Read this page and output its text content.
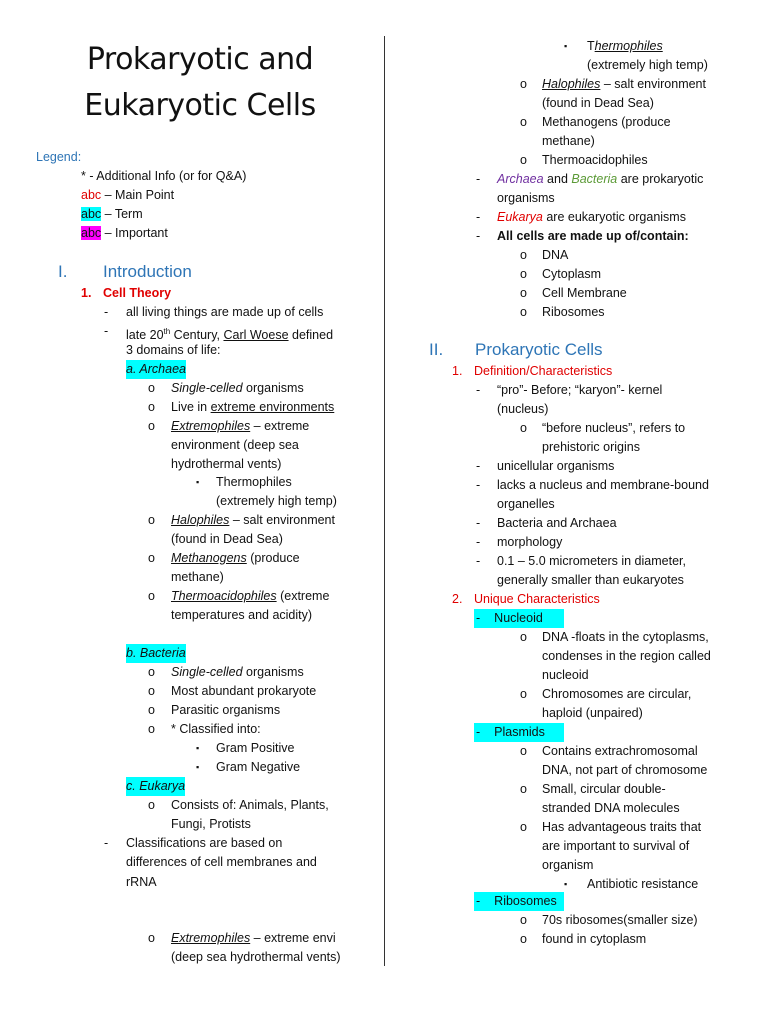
Prokaryotic and
Eukaryotic Cells
Legend:
* - Additional Info (or for Q&A)
abc – Main Point
abc – Term
abc – Important
I. Introduction
1. Cell Theory
- all living things are made up of cells
- late 20th Century, Carl Woese defined
3 domains of life:
a. Archaea
o Single-celled organisms
o Live in extreme environments
o Extremophiles – extreme
environment (deep sea
hydrothermal vents)
▪ Thermophiles
(extremely high temp)
o Halophiles – salt environment
(found in Dead Sea)
o Methanogens (produce
methane)
o Thermoacidophiles (extreme
temperatures and acidity)
b. Bacteria
o Single-celled organisms
o Most abundant prokaryote
o Parasitic organisms
o * Classified into:
▪ Gram Positive
▪ Gram Negative
c. Eukarya
o Consists of: Animals, Plants,
Fungi, Protists
- Classifications are based on
differences of cell membranes and
rRNA
o Extremophiles – extreme envi
(deep sea hydrothermal vents)
▪ Thermophiles
(extremely high temp)
o Halophiles – salt environment
(found in Dead Sea)
o Methanogens (produce
methane)
o Thermoacidophiles
- Archaea and Bacteria are prokaryotic
organisms
- Eukarya are eukaryotic organisms
- All cells are made up of/contain:
o DNA
o Cytoplasm
o Cell Membrane
o Ribosomes
II. Prokaryotic Cells
1. Definition/Characteristics
- “pro”- Before; “karyon”- kernel
(nucleus)
o “before nucleus”, refers to
prehistoric origins
- unicellular organisms
- lacks a nucleus and membrane-bound
organelles
- Bacteria and Archaea
- morphology
- 0.1 – 5.0 micrometers in diameter,
generally smaller than eukaryotes
2. Unique Characteristics
- Nucleoid
o DNA -floats in the cytoplasms,
condenses in the region called
nucleoid
o Chromosomes are circular,
haploid (unpaired)
- Plasmids
o Contains extrachromosomal
DNA, not part of chromosome
o Small, circular double-
stranded DNA molecules
o Has advantageous traits that
are important to survival of
organism
▪ Antibiotic resistance
- Ribosomes
o 70s ribosomes(smaller size)
o found in cytoplasm
